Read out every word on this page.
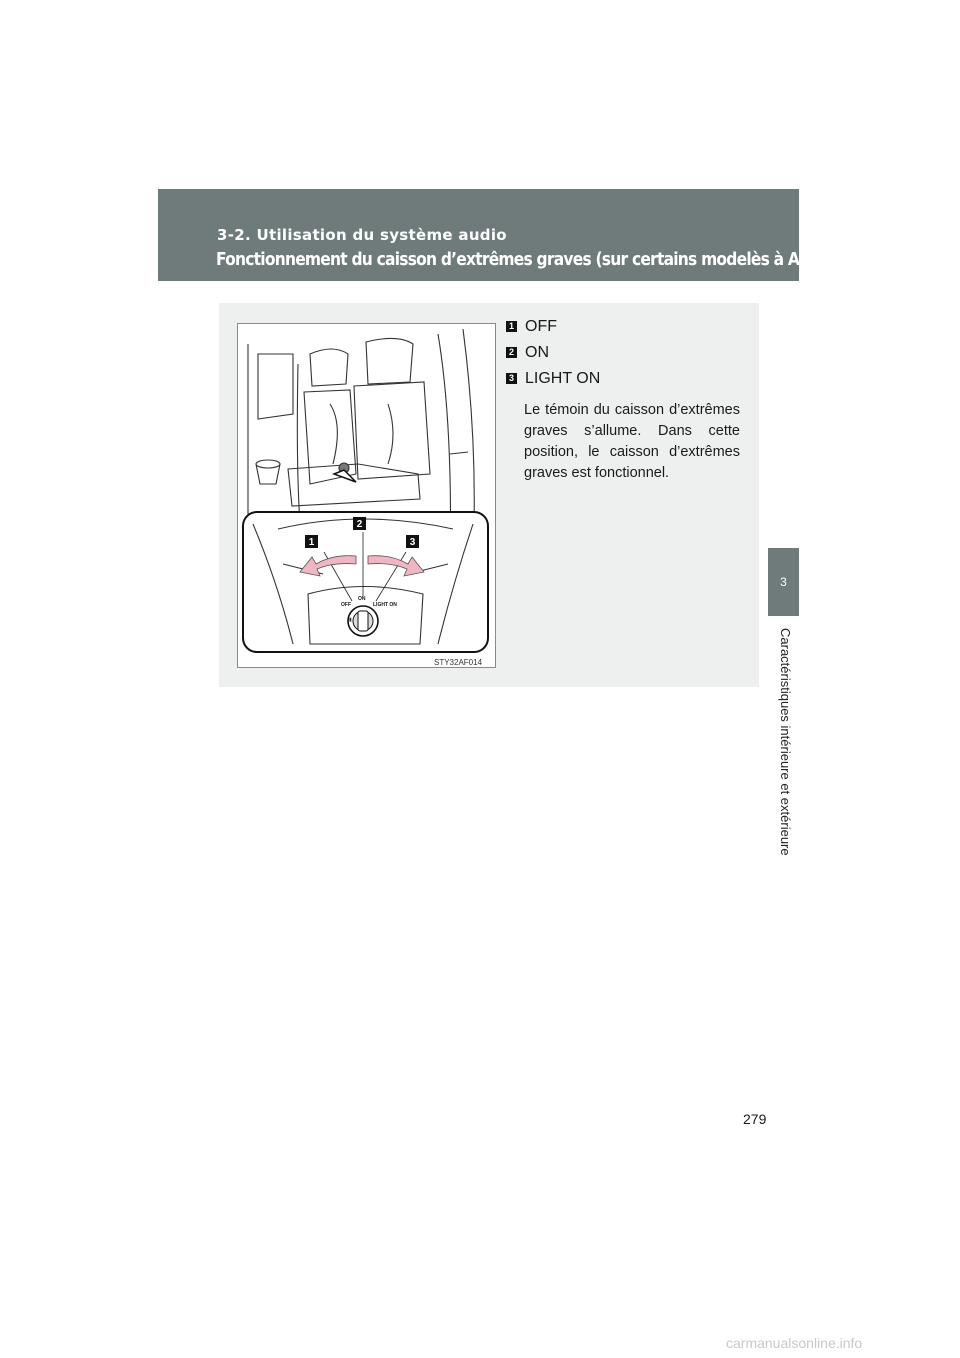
3-2. Utilisation du système audio
Fonctionnement du caisson d’extrêmes graves (sur certains modelès à Access Cab)
3
Caractéristiques intérieure et extérieure
▮
ON
OFF	LIGHT ON
1
2
3
STY32AF014
1 OFF
2 ON
3 LIGHT ON
Le témoin du caisson d’extrêmes graves s’allume. Dans cette position, le caisson d’extrêmes graves est fonctionnel.
279
carmanualsonline.info
